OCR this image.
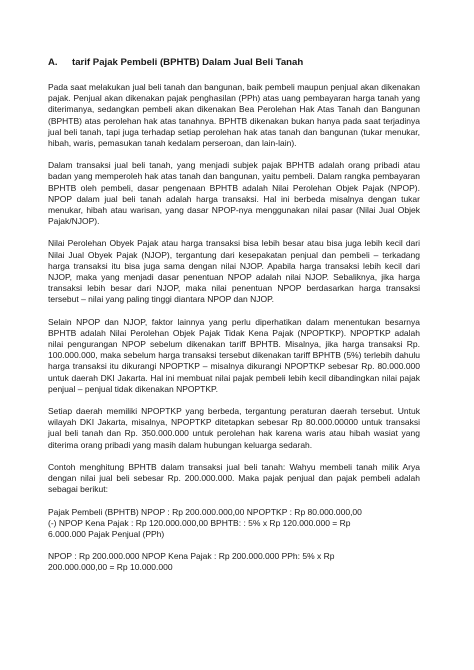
A.	tarif Pajak Pembeli (BPHTB) Dalam Jual Beli Tanah

Pada saat melakukan jual beli tanah dan bangunan, baik pembeli maupun penjual akan dikenakan pajak. Penjual akan dikenakan pajak penghasilan (PPh) atas uang pembayaran harga tanah yang diterimanya, sedangkan pembeli akan dikenakan Bea Perolehan Hak Atas Tanah dan Bangunan (BPHTB) atas perolehan hak atas tanahnya. BPHTB dikenakan bukan hanya pada saat terjadinya jual beli tanah, tapi juga terhadap setiap perolehan hak atas tanah dan bangunan (tukar menukar, hibah, waris, pemasukan tanah kedalam perseroan, dan lain-lain).

Dalam transaksi jual beli tanah, yang menjadi subjek pajak BPHTB adalah orang pribadi atau badan yang memperoleh hak atas tanah dan bangunan, yaitu pembeli. Dalam rangka pembayaran BPHTB oleh pembeli, dasar pengenaan BPHTB adalah Nilai Perolehan Objek Pajak (NPOP). NPOP dalam jual beli tanah adalah harga transaksi. Hal ini berbeda misalnya dengan tukar menukar, hibah atau warisan, yang dasar NPOP-nya menggunakan nilai pasar (Nilai Jual Objek Pajak/NJOP).

Nilai Perolehan Obyek Pajak atau harga transaksi bisa lebih besar atau bisa juga lebih kecil dari Nilai Jual Obyek Pajak (NJOP), tergantung dari kesepakatan penjual dan pembeli – terkadang harga transaksi itu bisa juga sama dengan nilai NJOP. Apabila harga transaksi lebih kecil dari NJOP, maka yang menjadi dasar penentuan NPOP adalah nilai NJOP. Sebaliknya, jika harga transaksi lebih besar dari NJOP, maka nilai penentuan NPOP berdasarkan harga transaksi tersebut – nilai yang paling tinggi diantara NPOP dan NJOP.

Selain NPOP dan NJOP, faktor lainnya yang perlu diperhatikan dalam menentukan besarnya BPHTB adalah Nilai Perolehan Objek Pajak Tidak Kena Pajak (NPOPTKP). NPOPTKP adalah nilai pengurangan NPOP sebelum dikenakan tariff BPHTB. Misalnya, jika harga transaksi Rp. 100.000.000, maka sebelum harga transaksi tersebut dikenakan tariff BPHTB (5%) terlebih dahulu harga transaksi itu dikurangi NPOPTKP – misalnya dikurangi NPOPTKP sebesar Rp. 80.000.000 untuk daerah DKI Jakarta. Hal ini membuat nilai pajak pembeli lebih kecil dibandingkan nilai pajak penjual – penjual tidak dikenakan NPOPTKP.

Setiap daerah memiliki NPOPTKP yang berbeda, tergantung peraturan daerah tersebut. Untuk wilayah DKI Jakarta, misalnya, NPOPTKP ditetapkan sebesar Rp 80.000.00000 untuk transaksi jual beli tanah dan Rp. 350.000.000 untuk perolehan hak karena waris atau hibah wasiat yang diterima orang pribadi yang masih dalam hubungan keluarga sedarah.

Contoh menghitung BPHTB dalam transaksi jual beli tanah: Wahyu membeli tanah milik Arya dengan nilai jual beli sebesar Rp. 200.000.000. Maka pajak penjual dan pajak pembeli adalah sebagai berikut:

Pajak Pembeli (BPHTB) NPOP : Rp 200.000.000,00 NPOPTKP : Rp 80.000.000,00

(-) NPOP Kena Pajak : Rp 120.000.000,00 BPHTB: : 5% x Rp 120.000.000 = Rp

6.000.000 Pajak Penjual (PPh)

NPOP : Rp 200.000.000 NPOP Kena Pajak : Rp 200.000.000 PPh: 5% x Rp

200.000.000,00 = Rp 10.000.000
